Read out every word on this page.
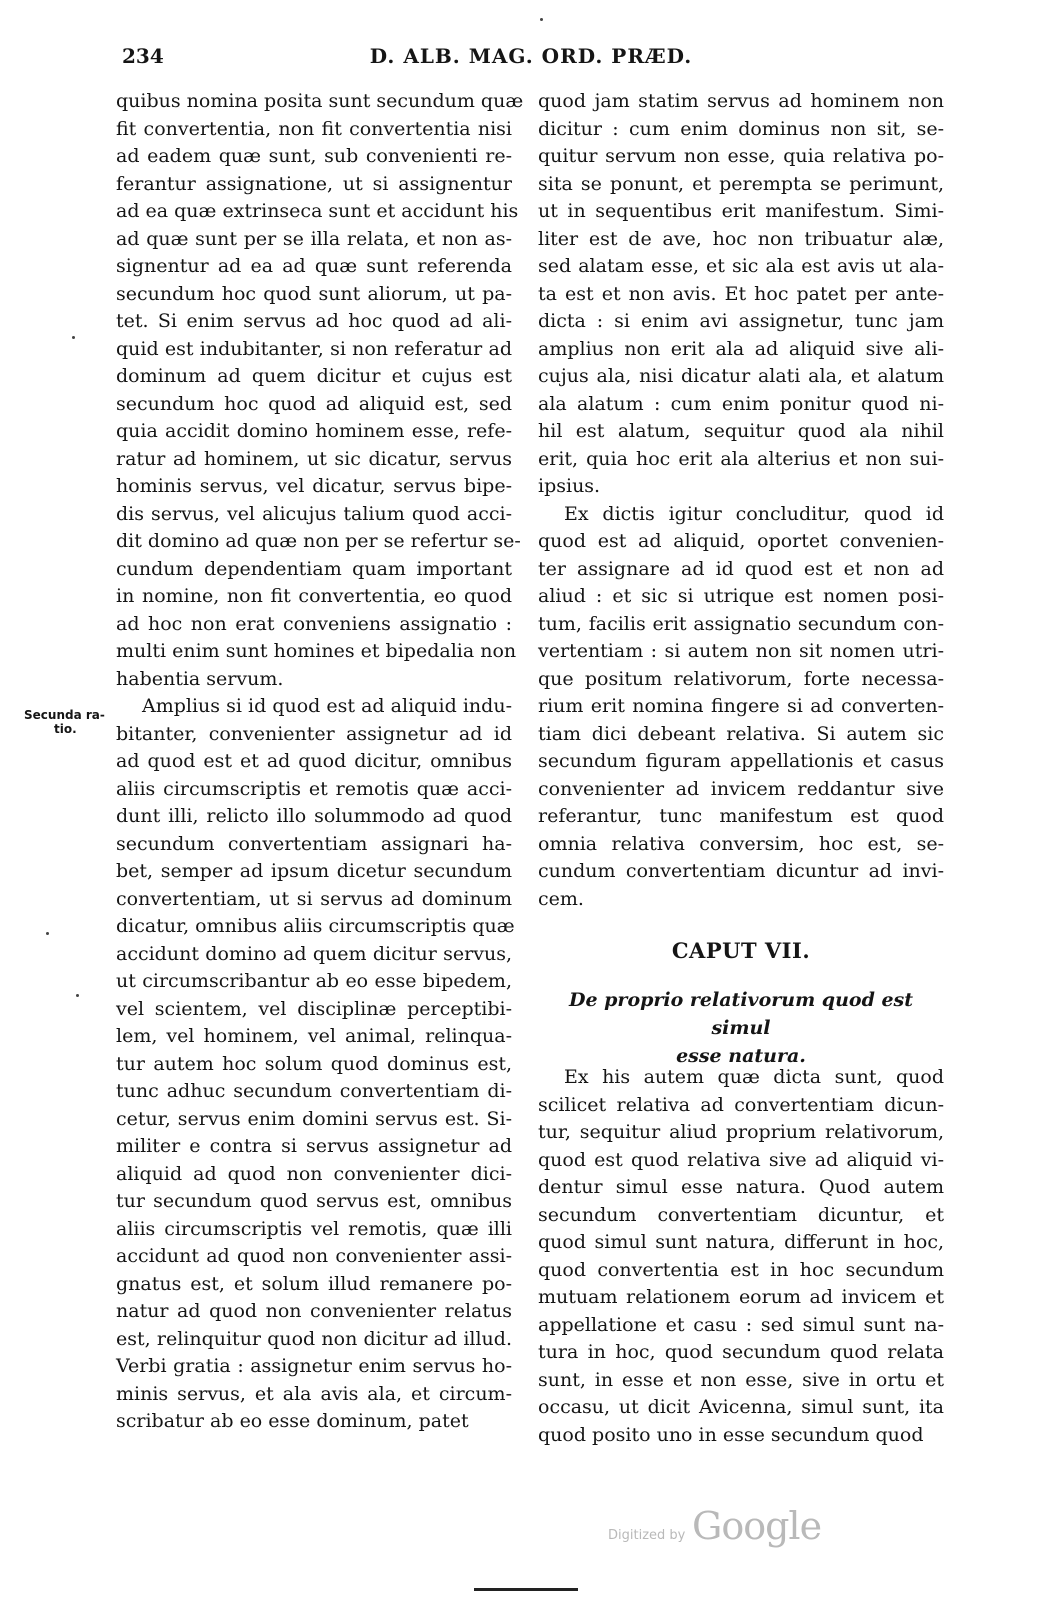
234	D. ALB. MAG. ORD. PRÆD.
quibus nomina posita sunt secundum quæ
fit convertentia, non fit convertentia nisi
ad eadem quæ sunt, sub convenienti re-
ferantur assignatione, ut si assignentur
ad ea quæ extrinseca sunt et accidunt his
ad quæ sunt per se illa relata, et non as-
signentur ad ea ad quæ sunt referenda
secundum hoc quod sunt aliorum, ut pa-
tet. Si enim servus ad hoc quod ad ali-
quid est indubitanter, si non referatur ad
dominum ad quem dicitur et cujus est
secundum hoc quod ad aliquid est, sed
quia accidit domino hominem esse, refe-
ratur ad hominem, ut sic dicatur, servus
hominis servus, vel dicatur, servus bipe-
dis servus, vel alicujus talium quod acci-
dit domino ad quæ non per se refertur se-
cundum dependentiam quam important
in nomine, non fit convertentia, eo quod
ad hoc non erat conveniens assignatio :
multi enim sunt homines et bipedalia non
habentia servum.
Amplius si id quod est ad aliquid indu-
bitanter, convenienter assignetur ad id
ad quod est et ad quod dicitur, omnibus
aliis circumscriptis et remotis quæ acci-
dunt illi, relicto illo solummodo ad quod
secundum convertentiam assignari ha-
bet, semper ad ipsum dicetur secundum
convertentiam, ut si servus ad dominum
dicatur, omnibus aliis circumscriptis quæ
accidunt domino ad quem dicitur servus,
ut circumscribantur ab eo esse bipedem,
vel scientem, vel disciplinæ perceptibi-
lem, vel hominem, vel animal, relinqua-
tur autem hoc solum quod dominus est,
tunc adhuc secundum convertentiam di-
cetur, servus enim domini servus est. Si-
militer e contra si servus assignetur ad
aliquid ad quod non convenienter dici-
tur secundum quod servus est, omnibus
aliis circumscriptis vel remotis, quæ illi
accidunt ad quod non convenienter assi-
gnatus est, et solum illud remanere po-
natur ad quod non convenienter relatus
est, relinquitur quod non dicitur ad illud.
Verbi gratia : assignetur enim servus ho-
minis servus, et ala avis ala, et circum-
scribatur ab eo esse dominum, patet
Secunda ra-
tio.
quod jam statim servus ad hominem non
dicitur : cum enim dominus non sit, se-
quitur servum non esse, quia relativa po-
sita se ponunt, et perempta se perimunt,
ut in sequentibus erit manifestum. Simi-
liter est de ave, hoc non tribuatur alæ,
sed alatam esse, et sic ala est avis ut ala-
ta est et non avis. Et hoc patet per ante-
dicta : si enim avi assignetur, tunc jam
amplius non erit ala ad aliquid sive ali-
cujus ala, nisi dicatur alati ala, et alatum
ala alatum : cum enim ponitur quod ni-
hil est alatum, sequitur quod ala nihil
erit, quia hoc erit ala alterius et non sui-
ipsius.
Ex dictis igitur concluditur, quod id
quod est ad aliquid, oportet convenien-
ter assignare ad id quod est et non ad
aliud : et sic si utrique est nomen posi-
tum, facilis erit assignatio secundum con-
vertentiam : si autem non sit nomen utri-
que positum relativorum, forte necessa-
rium erit nomina fingere si ad converten-
tiam dici debeant relativa. Si autem sic
secundum figuram appellationis et casus
convenienter ad invicem reddantur sive
referantur, tunc manifestum est quod
omnia relativa conversim, hoc est, se-
cundum convertentiam dicuntur ad invi-
cem.
CAPUT VII.
De proprio relativorum quod est simul
esse natura.
Ex his autem quæ dicta sunt, quod
scilicet relativa ad convertentiam dicun-
tur, sequitur aliud proprium relativorum,
quod est quod relativa sive ad aliquid vi-
dentur simul esse natura. Quod autem
secundum convertentiam dicuntur, et
quod simul sunt natura, differunt in hoc,
quod convertentia est in hoc secundum
mutuam relationem eorum ad invicem et
appellatione et casu : sed simul sunt na-
tura in hoc, quod secundum quod relata
sunt, in esse et non esse, sive in ortu et
occasu, ut dicit Avicenna, simul sunt, ita
quod posito uno in esse secundum quod
Digitized by Google
